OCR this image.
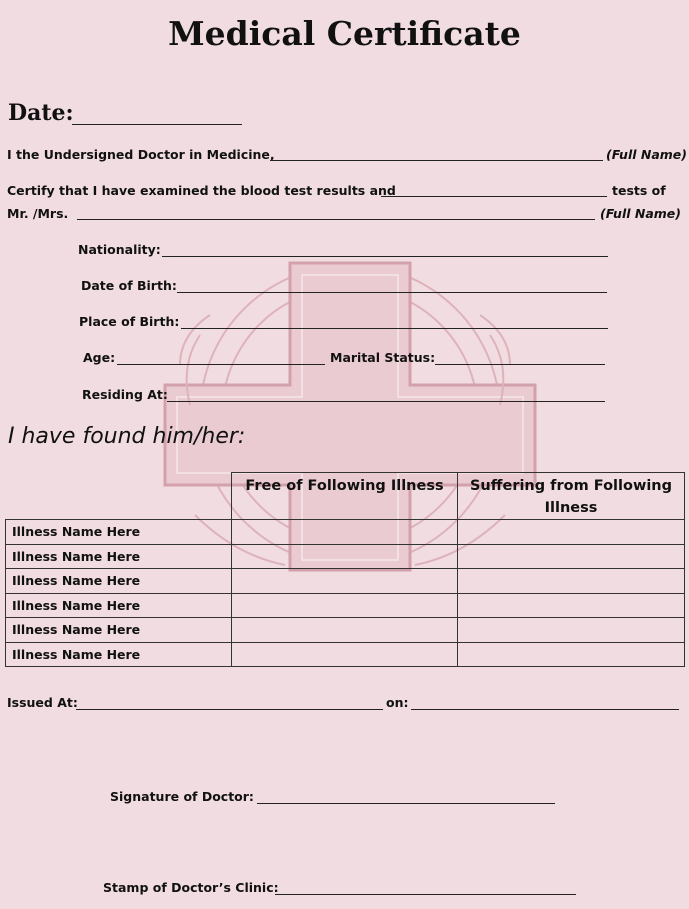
Medical Certificate
Date:
I the Undersigned Doctor in Medicine,	(Full Name)
Certify that I have examined the blood test results and	tests of
Mr. /Mrs.	(Full Name)
Nationality:
Date of Birth:
Place of Birth:
Age:	Marital Status:
Residing At:
I have found him/her:
	Free of Following Illness	Suffering from Following Illness
Illness Name Here		
Illness Name Here		
Illness Name Here		
Illness Name Here		
Illness Name Here		
Illness Name Here		
Issued At:	on:
Signature of Doctor:
Stamp of Doctor’s Clinic:
